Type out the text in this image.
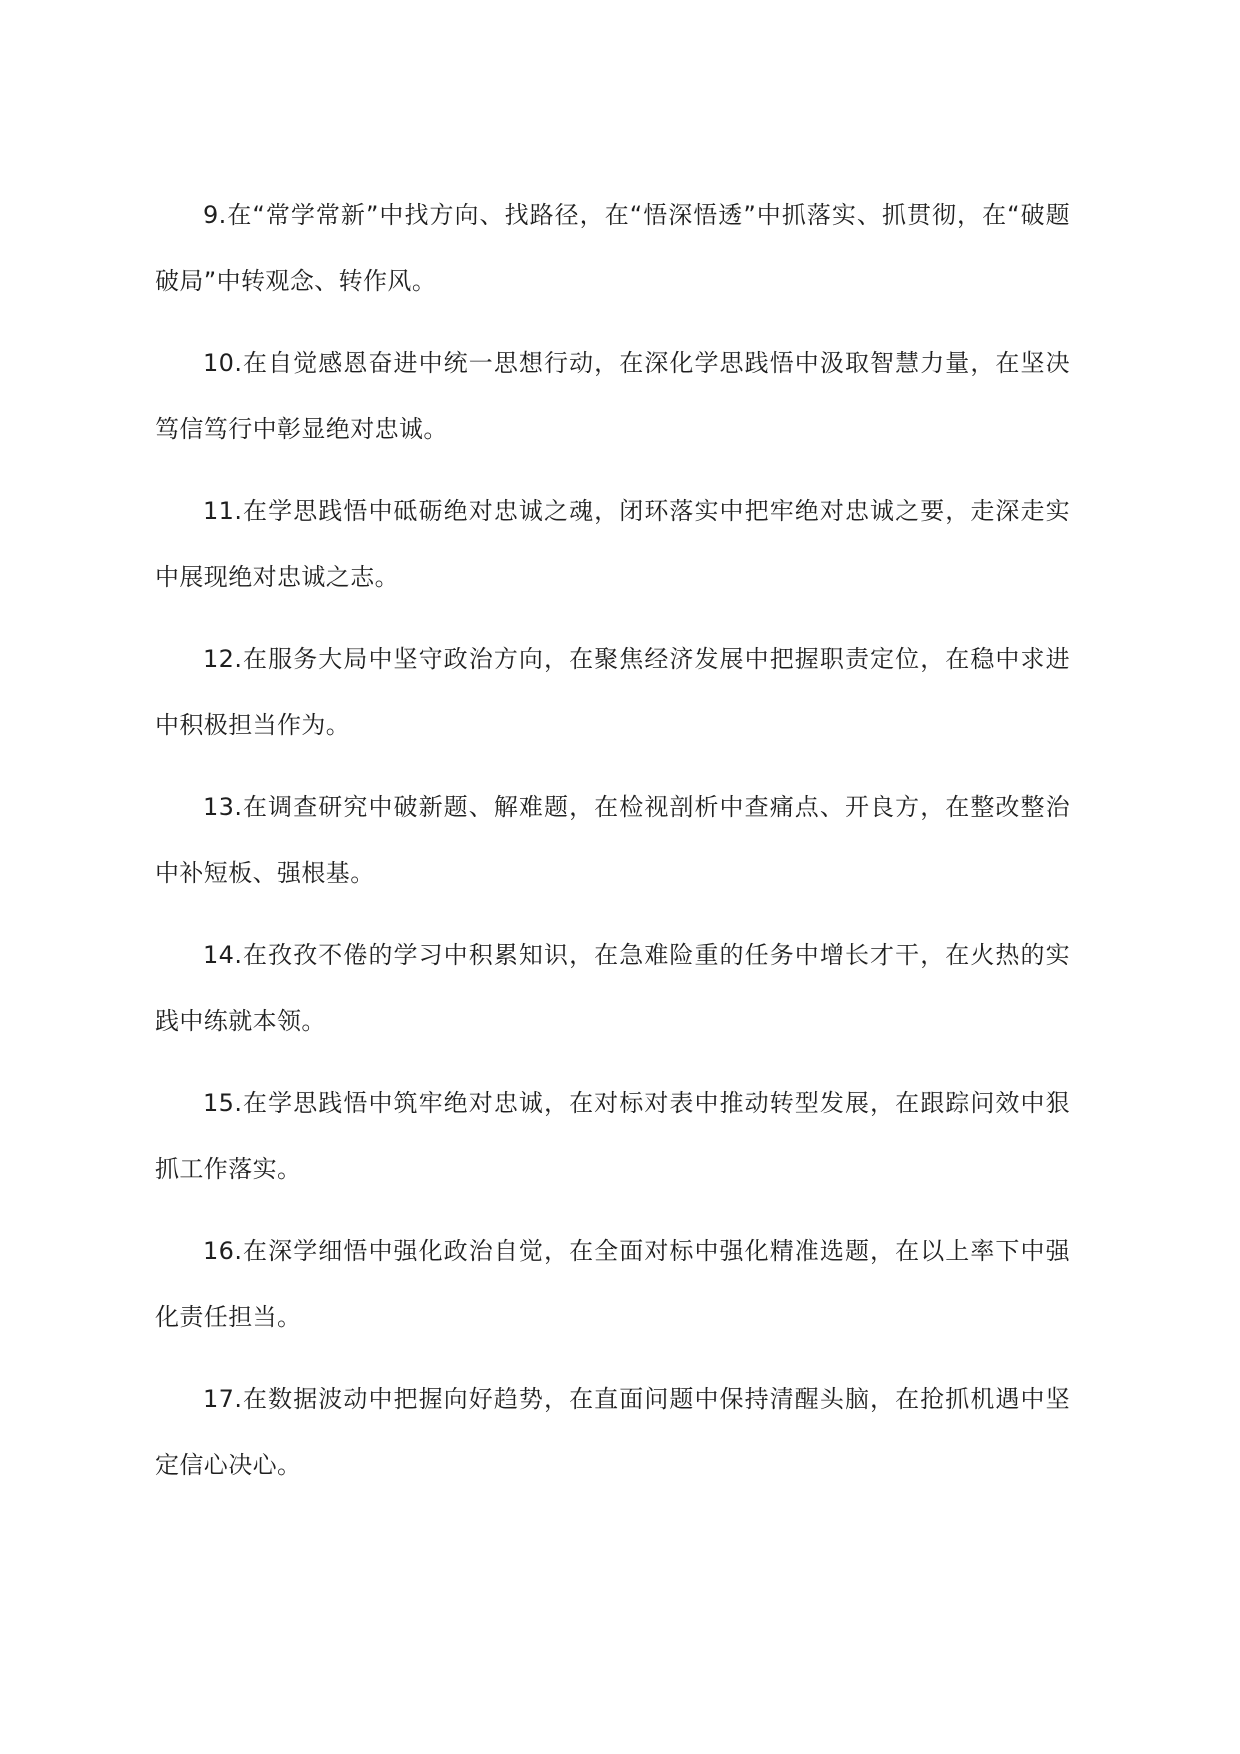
9.在“常学常新”中找方向、找路径，在“悟深悟透”中抓落实、抓贯彻，在“破题破局”中转观念、转作风。

10.在自觉感恩奋进中统一思想行动，在深化学思践悟中汲取智慧力量，在坚决笃信笃行中彰显绝对忠诚。

11.在学思践悟中砥砺绝对忠诚之魂，闭环落实中把牢绝对忠诚之要，走深走实中展现绝对忠诚之志。

12.在服务大局中坚守政治方向，在聚焦经济发展中把握职责定位，在稳中求进中积极担当作为。

13.在调查研究中破新题、解难题，在检视剖析中查痛点、开良方，在整改整治中补短板、强根基。

14.在孜孜不倦的学习中积累知识，在急难险重的任务中增长才干，在火热的实践中练就本领。

15.在学思践悟中筑牢绝对忠诚，在对标对表中推动转型发展，在跟踪问效中狠抓工作落实。

16.在深学细悟中强化政治自觉，在全面对标中强化精准选题，在以上率下中强化责任担当。

17.在数据波动中把握向好趋势，在直面问题中保持清醒头脑，在抢抓机遇中坚定信心决心。
